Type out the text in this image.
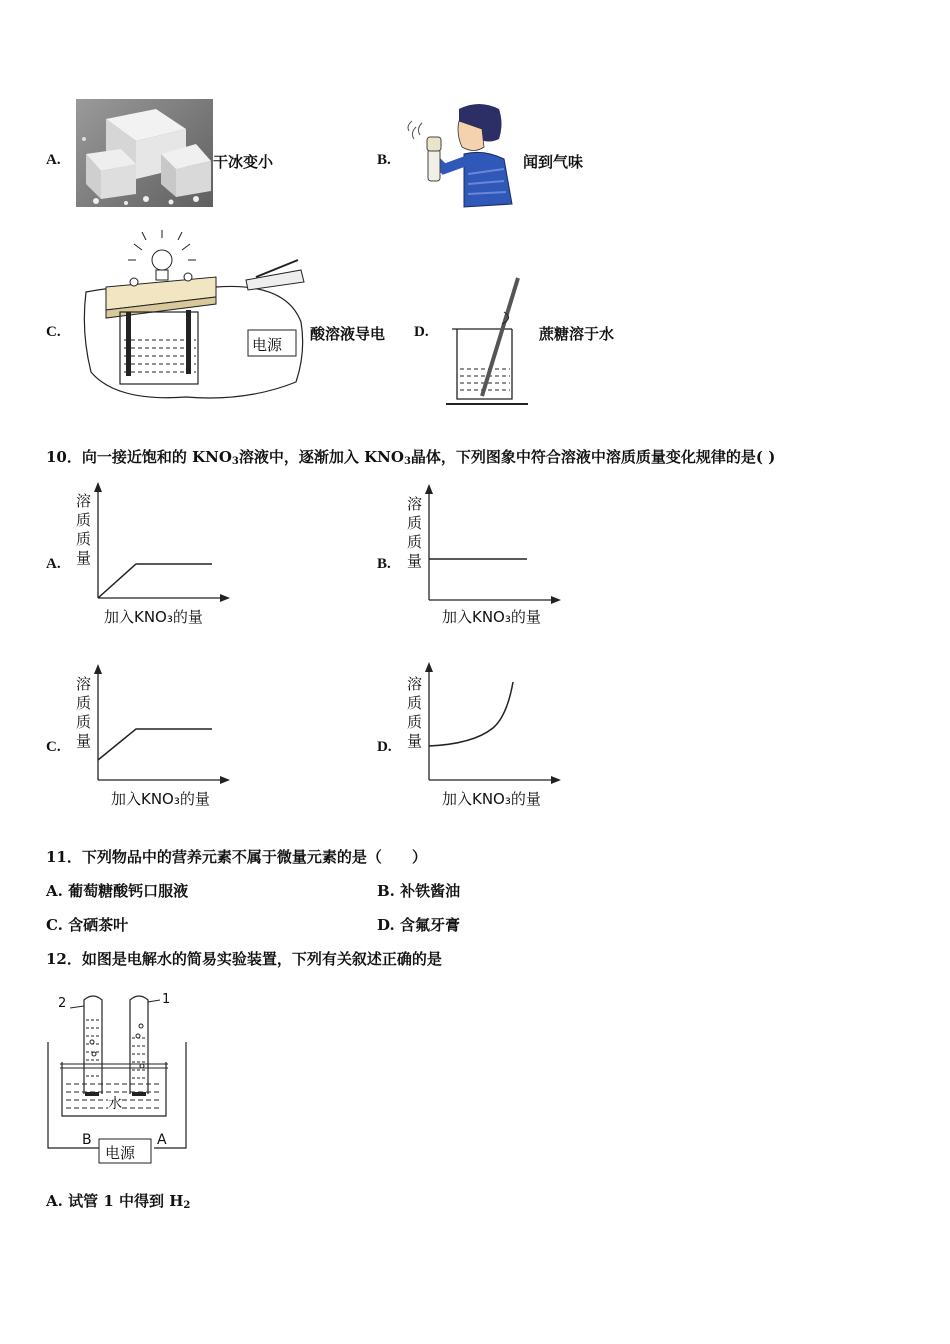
A.	干冰变小	B.	闻到气味
C.
电源
酸溶液导电 D.	蔗糖溶于水
10．向一接近饱和的 $KNO_3$溶液中，逐渐加入 $KNO_3$晶体，下列图象中符合溶液中溶质质量变化规律的是( )
A.
溶
质
质
量
加入KNO₃的量
B.
溶
质
质
量
加入KNO₃的量
C.
溶
质
质
量
加入KNO₃的量
D.
溶
质
质
量
加入KNO₃的量
11．下列物品中的营养元素不属于微量元素的是（　　）
A. 葡萄糖酸钙口服液	B. 补铁酱油
C. 含硒茶叶	D. 含氟牙膏
12．如图是电解水的简易实验装置，下列有关叙述正确的是
2	1
水
B	A
电源
A. 试管 1 中得到 $H_2$
